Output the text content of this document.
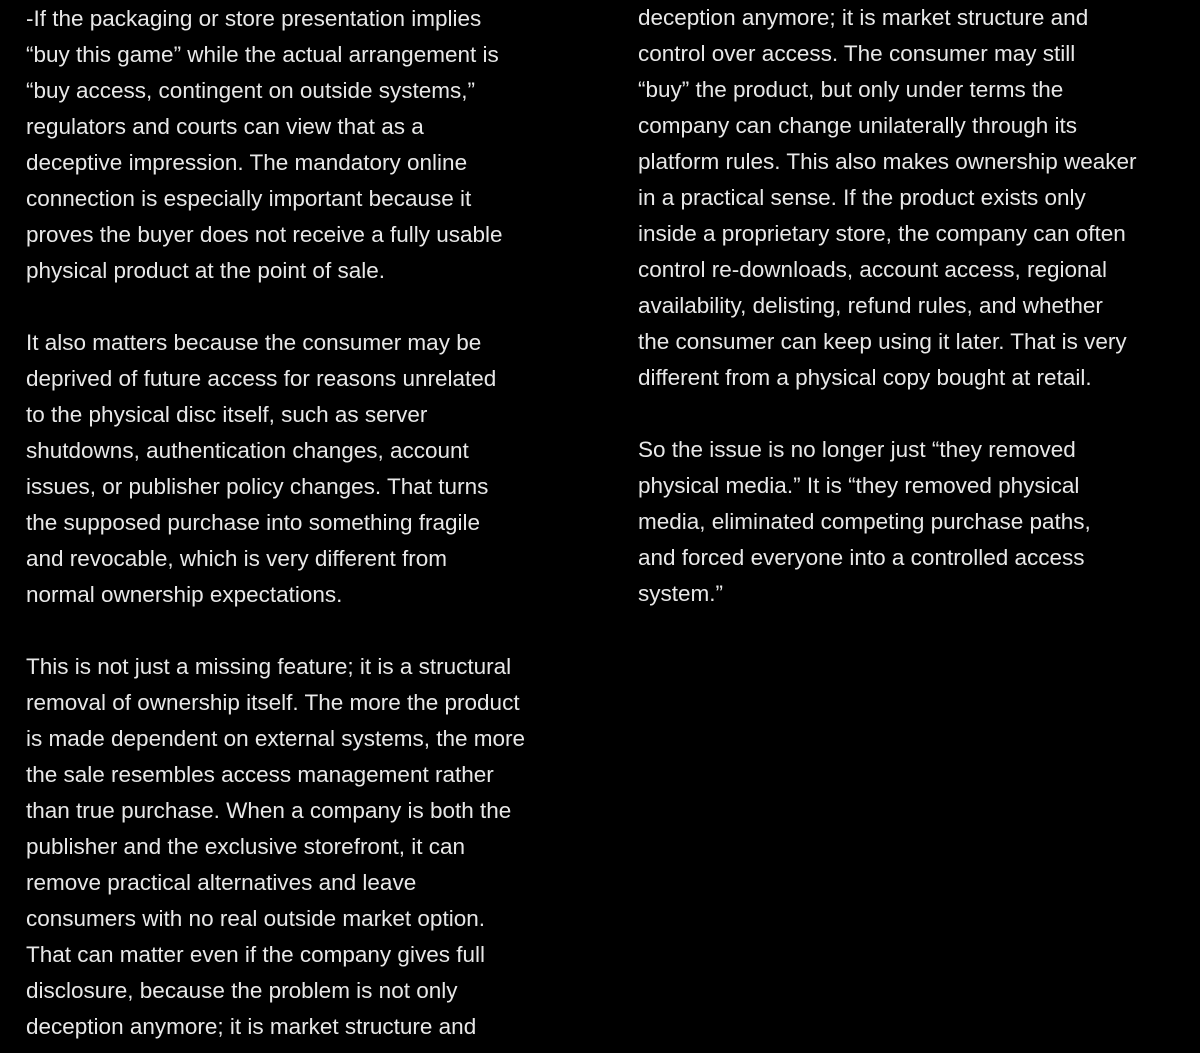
-If the packaging or store presentation implies
“buy this game” while the actual arrangement is
“buy access, contingent on outside systems,”
regulators and courts can view that as a
deceptive impression. The mandatory online
connection is especially important because it
proves the buyer does not receive a fully usable
physical product at the point of sale.
It also matters because the consumer may be
deprived of future access for reasons unrelated
to the physical disc itself, such as server
shutdowns, authentication changes, account
issues, or publisher policy changes. That turns
the supposed purchase into something fragile
and revocable, which is very different from
normal ownership expectations.
This is not just a missing feature; it is a structural
removal of ownership itself. The more the product
is made dependent on external systems, the more
the sale resembles access management rather
than true purchase. When a company is both the
publisher and the exclusive storefront, it can
remove practical alternatives and leave
consumers with no real outside market option.
That can matter even if the company gives full
disclosure, because the problem is not only
deception anymore; it is market structure and
deception anymore; it is market structure and
control over access. The consumer may still
“buy” the product, but only under terms the
company can change unilaterally through its
platform rules. This also makes ownership weaker
in a practical sense. If the product exists only
inside a proprietary store, the company can often
control re-downloads, account access, regional
availability, delisting, refund rules, and whether
the consumer can keep using it later. That is very
different from a physical copy bought at retail.
So the issue is no longer just “they removed
physical media.” It is “they removed physical
media, eliminated competing purchase paths,
and forced everyone into a controlled access
system.”
